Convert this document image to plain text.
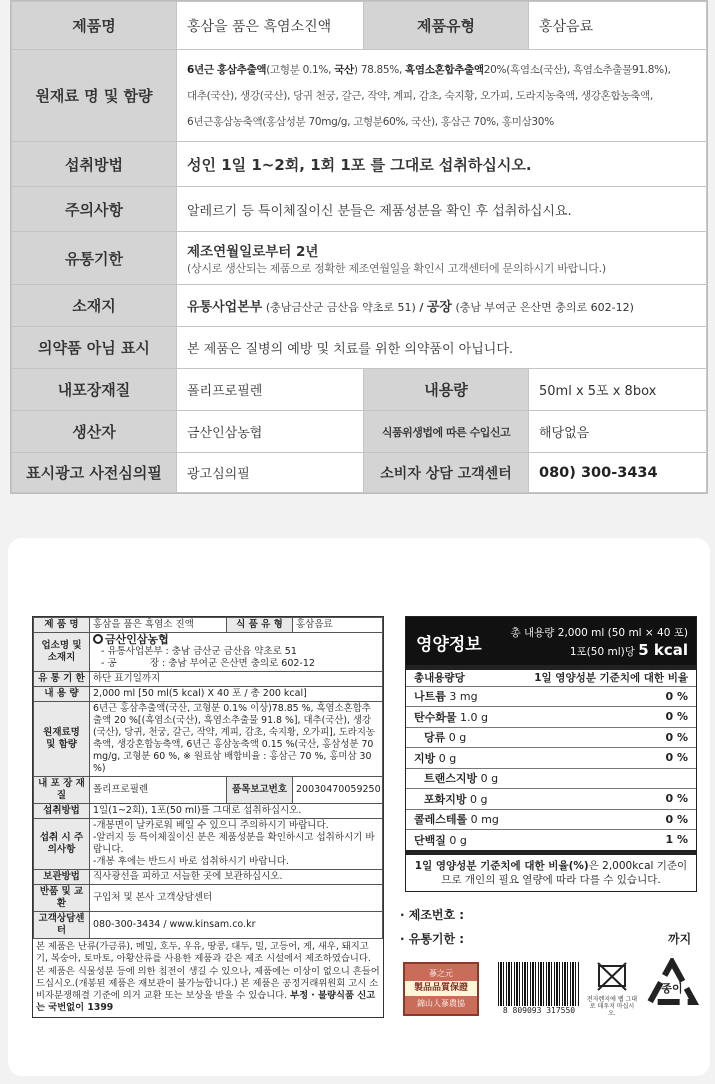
제품명	홍삼을 품은 흑염소진액	제품유형	홍삼음료
원재료 명 및 함량	6년근 홍삼추출액(고형분 0.1%, 국산) 78.85%, 흑염소혼합추출액20%(흑염소(국산), 흑염소추출물91.8%),
대추(국산), 생강(국산), 당귀 천궁, 갈근, 작약, 계피, 감초, 숙지황, 오가피, 도라지농축액, 생강혼합농축액,
6년근홍삼농축액(홍삼성분 70mg/g, 고형분60%, 국산), 홍삼근 70%, 홍미삼30%		

섭취방법	성인 1일 1~2회, 1회 1포 를 그대로 섭취하십시오.		
주의사항	알레르기 등 특이체질이신 분들은 제품성분을 확인 후 섭취하십시요.		
유통기한	제조연월일로부터 2년
(상시로 생산되는 제품으로 정확한 제조연월일을 확인시 고객센터에 문의하시기 바랍니다.)		

소재지	유통사업본부 (충남금산군 금산읍 약초로 51) / 공장 (충남 부여군 은산면 충의로 602-12)		
의약품 아님 표시	본 제품은 질병의 예방 및 치료를 위한 의약품이 아닙니다.		
내포장재질	폴리프로필렌	내용량	50ml x 5포 x 8box
생산자	금산인삼농협	식품위생법에 따른 수입신고	해당없음
표시광고 사전심의필	광고심의필	소비자 상담 고객센터	080) 300-3434
제 품 명	홍삼을 품은 흑염소 진액	식 품 유 형	홍삼음료
업소명 및 소재지	금산인삼농협
- 유통사업본부 : 충남 금산군 금산읍 약초로 51
- 공           장 : 충남 부여군 은산면 충의로 602-12		

유 통 기 한	하단 표기일까지		
내 용 량	2,000 ml [50 ml(5 kcal) X 40 포 / 총 200 kcal]		
원재료명 및 함량	6년근 홍삼추출액(국산, 고형분 0.1% 이상)78.85 %, 흑염소혼합추출액 20 %[(흑염소(국산), 흑염소추출물 91.8 %], 대추(국산), 생강(국산), 당귀, 천궁, 갈근, 작약, 계피, 감초, 숙지황, 오가피], 도라지농축액, 생강혼합농축액, 6년근 홍삼농축액 0.15 %(국산, 홍삼성분 70 mg/g, 고형분 60 %, ※ 원료삼 배합비율 : 홍삼근 70 %, 홍미삼 30 %)		
내 포 장 재 질	폴리프로필렌	품목보고번호	20030470059250
섭취방법	1일(1~2회), 1포(50 ml)를 그대로 섭취하십시오.		
섭취 시 주의사항	-개봉면이 날카로워 베일 수 있으니 주의하시기 바랍니다.
-알러지 등 특이체질이신 분은 제품성분을 확인하시고 섭취하시기 바랍니다.
-개봉 후에는 반드시 바로 섭취하시기 바랍니다.		

보관방법	직사광선을 피하고 서늘한 곳에 보관하십시오.		
반품 및 교환	구입처 및 본사 고객상담센터		
고객상담센터	080-300-3434 / www.kinsam.co.kr		
본 제품은 난류(가금류), 메밀, 호두, 우유, 땅콩, 대두, 밀, 고등어, 게, 새우, 돼지고기, 복숭아, 토마토, 아황산류를 사용한 제품과 같은 제조 시설에서 제조하였습니다. 본 제품은 식물성분 등에 의한 침전이 생길 수 있으나, 제품에는 이상이 없으니 흔들어 드십시오.(개봉된 제품은 재보관이 불가능합니다.) 본 제품은 공정거래위원회 고시 소비자분쟁해결 기준에 의거 교환 또는 보상을 받을 수 있습니다. 부정 · 불량식품 신고는 국번없이 1399
영양정보
총 내용량 2,000 ml (50 ml × 40 포)
1포(50 ml)당 5 kcal
총내용량당	1일 영양성분 기준치에 대한 비율
나트륨 3 mg	0 %
탄수화물 1.0 g	0 %
당류 0 g	0 %
지방 0 g	0 %
트랜스지방 0 g
포화지방 0 g	0 %
콜레스테롤 0 mg	0 %
단백질 0 g	1 %
1일 영양성분 기준치에 대한 비율(%)은 2,000kcal 기준이므로 개인의 필요 열량에 따라 다를 수 있습니다.
· 제조번호 :
· 유통기한 :	까지
蔘之元
製品品質保證
錦山人蔘農協
8 809093 317550
전자렌지에 랩 그대로 데우지 마십시오.
종이
